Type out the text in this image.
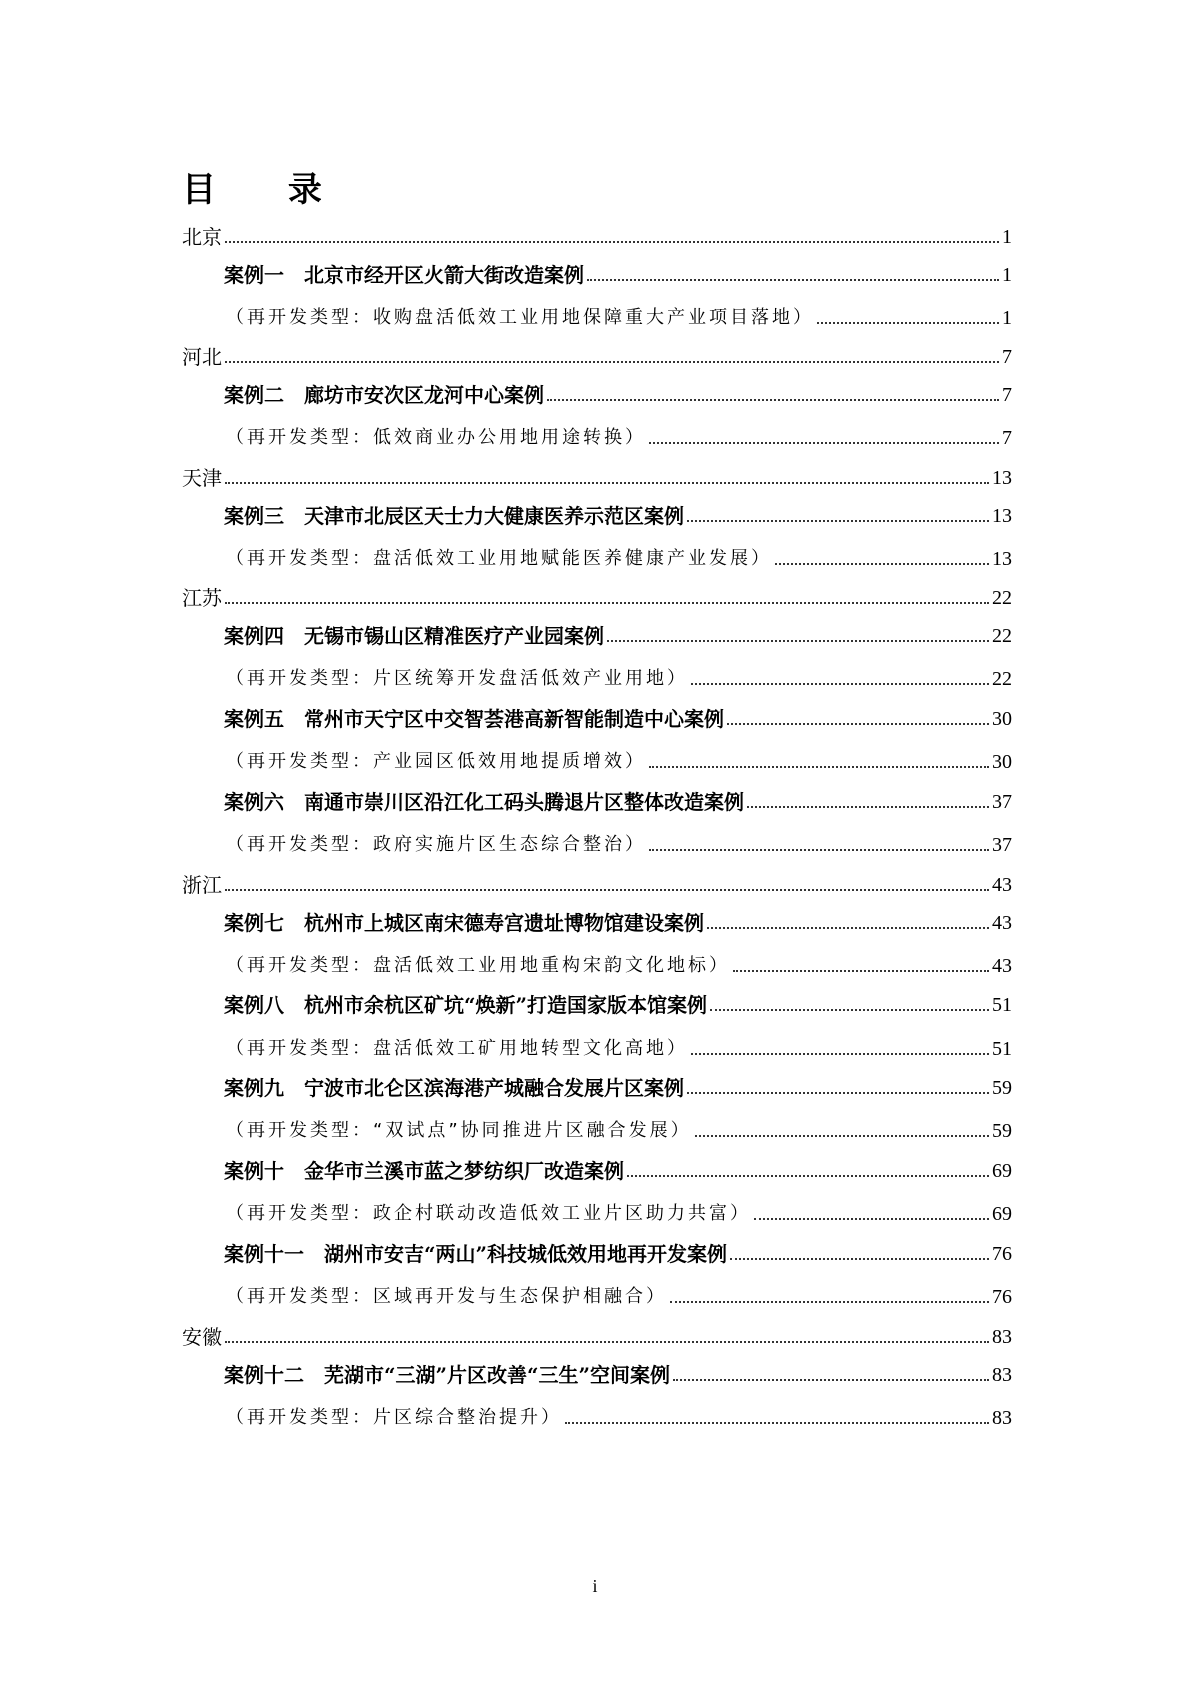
目 录
北京	1
案例一　北京市经开区火箭大街改造案例	1
（再开发类型：收购盘活低效工业用地保障重大产业项目落地）	1
河北	7
案例二　廊坊市安次区龙河中心案例	7
（再开发类型：低效商业办公用地用途转换）	7
天津	13
案例三　天津市北辰区天士力大健康医养示范区案例	13
（再开发类型：盘活低效工业用地赋能医养健康产业发展）	13
江苏	22
案例四　无锡市锡山区精准医疗产业园案例	22
（再开发类型：片区统筹开发盘活低效产业用地）	22
案例五　常州市天宁区中交智荟港高新智能制造中心案例	30
（再开发类型：产业园区低效用地提质增效）	30
案例六　南通市崇川区沿江化工码头腾退片区整体改造案例	37
（再开发类型：政府实施片区生态综合整治）	37
浙江	43
案例七　杭州市上城区南宋德寿宫遗址博物馆建设案例	43
（再开发类型：盘活低效工业用地重构宋韵文化地标）	43
案例八　杭州市余杭区矿坑“焕新”打造国家版本馆案例	51
（再开发类型：盘活低效工矿用地转型文化高地）	51
案例九　宁波市北仑区滨海港产城融合发展片区案例	59
（再开发类型：“双试点”协同推进片区融合发展）	59
案例十　金华市兰溪市蓝之梦纺织厂改造案例	69
（再开发类型：政企村联动改造低效工业片区助力共富）	69
案例十一　湖州市安吉“两山”科技城低效用地再开发案例	76
（再开发类型：区域再开发与生态保护相融合）	76
安徽	83
案例十二　芜湖市“三湖”片区改善“三生”空间案例	83
（再开发类型：片区综合整治提升）	83
i
